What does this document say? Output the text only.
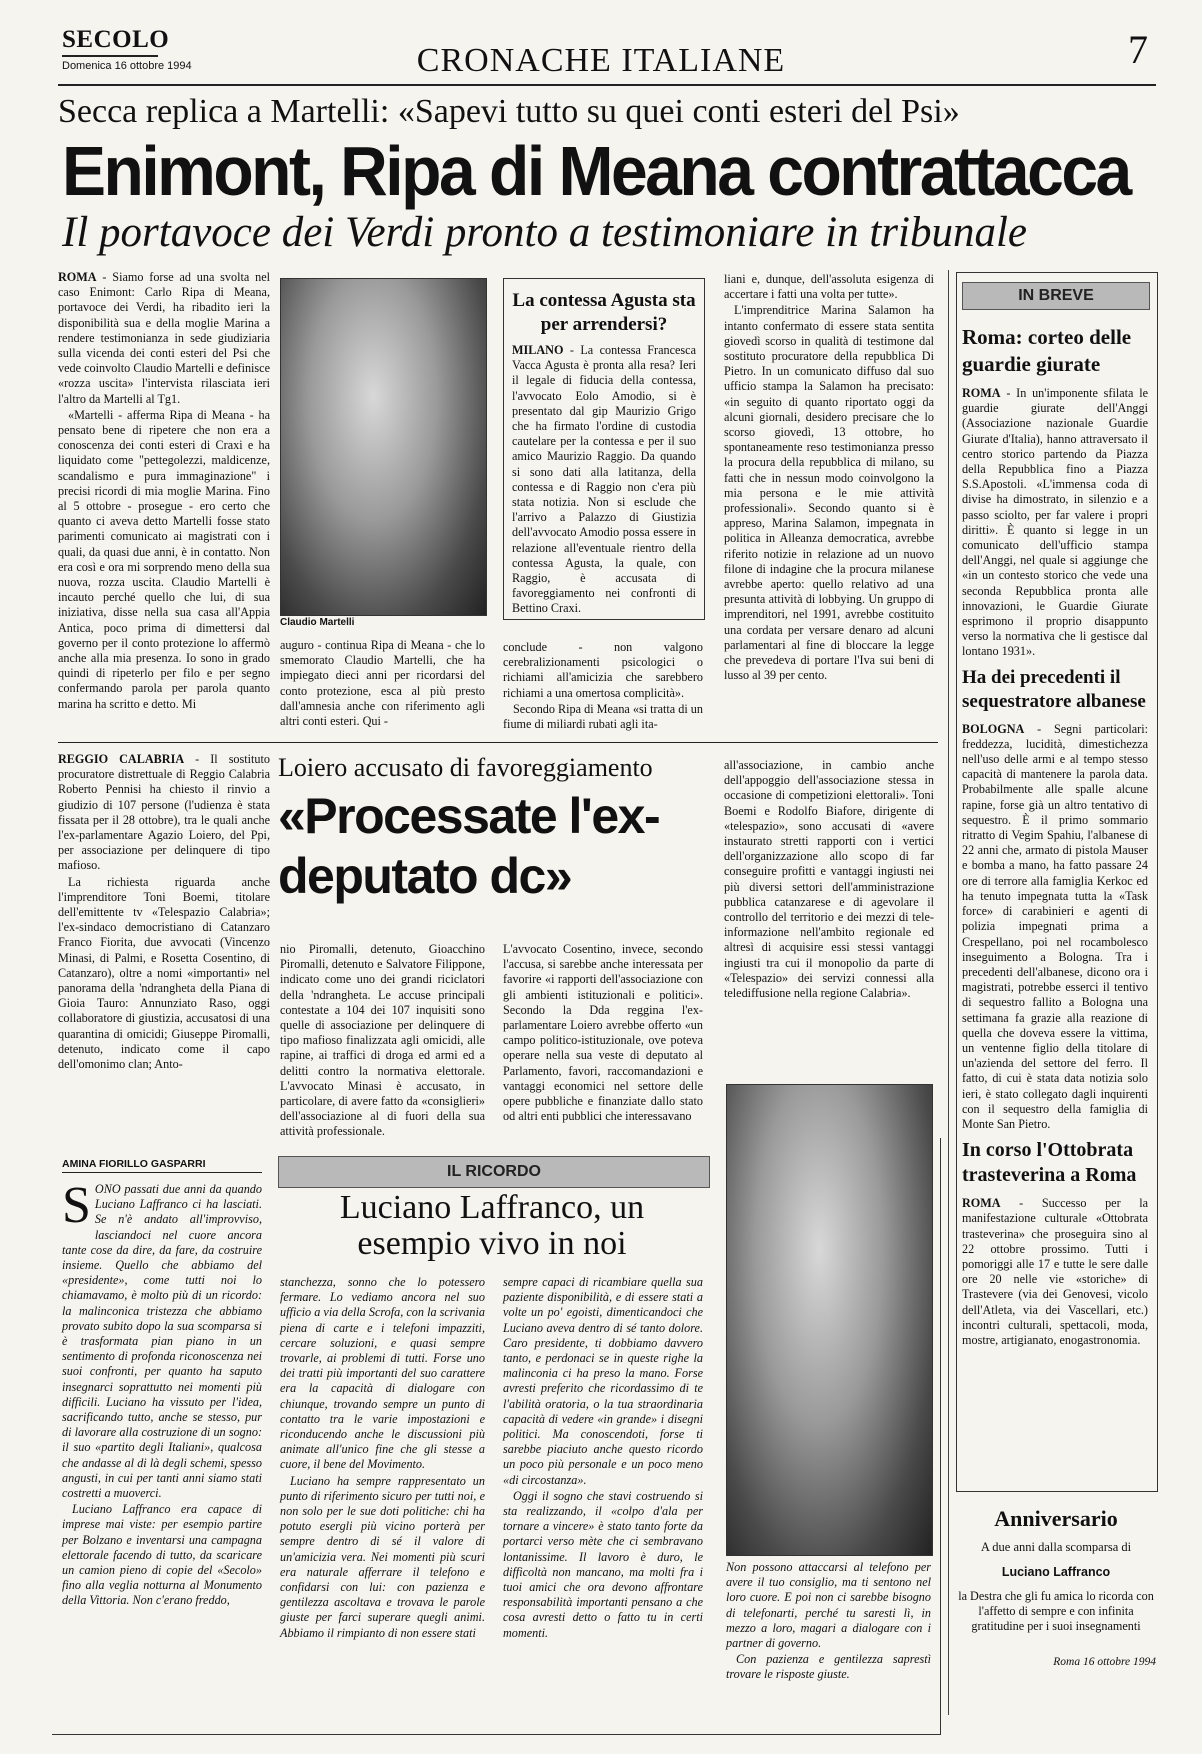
SECOLO
Domenica 16 ottobre 1994	CRONACHE ITALIANE	7
Secca replica a Martelli: «Sapevi tutto su quei conti esteri del Psi»
Enimont, Ripa di Meana contrattacca
Il portavoce dei Verdi pronto a testimoniare in tribunale

ROMA - Siamo forse ad una svolta nel caso Enimont: Carlo Ripa di Meana, portavoce dei Verdi, ha ribadito ieri la disponibilità sua e della moglie Marina a rendere testimonianza in sede giudiziaria sulla vicenda dei conti esteri del Psi che vede coinvolto Claudio Martelli e definisce «rozza uscita» l'intervista rilasciata ieri l'altro da Martelli al Tg1.

«Martelli - afferma Ripa di Meana - ha pensato bene di ripetere che non era a conoscenza dei conti esteri di Craxi e ha liquidato come "pettegolezzi, maldicenze, scandalismo e pura immaginazione" i precisi ricordi di mia moglie Marina. Fino al 5 ottobre - prosegue - ero certo che quanto ci aveva detto Martelli fosse stato parimenti comunicato ai magistrati con i quali, da quasi due anni, è in contatto. Non era così e ora mi sorprendo meno della sua nuova, rozza uscita. Claudio Martelli è incauto perché quello che lui, di sua iniziativa, disse nella sua casa all'Appia Antica, poco prima di dimettersi dal governo per il conto protezione lo affermò anche alla mia presenza. Io sono in grado quindi di ripeterlo per filo e per segno confermando parola per parola quanto marina ha scritto e detto. Mi

Claudio Martelli

auguro - continua Ripa di Meana - che lo smemorato Claudio Martelli, che ha impiegato dieci anni per ricordarsi del conto protezione, esca al più presto dall'amnesia anche con riferimento agli altri conti esteri. Qui -

La contessa Agusta sta per arrendersi?

MILANO - La contessa Francesca Vacca Agusta è pronta alla resa? Ieri il legale di fiducia della contessa, l'avvocato Eolo Amodio, si è presentato dal gip Maurizio Grigo che ha firmato l'ordine di custodia cautelare per la contessa e per il suo amico Maurizio Raggio. Da quando si sono dati alla latitanza, della contessa e di Raggio non c'era più stata notizia. Non si esclude che l'arrivo a Palazzo di Giustizia dell'avvocato Amodio possa essere in relazione all'eventuale rientro della contessa Agusta, la quale, con Raggio, è accusata di favoreggiamento nei confronti di Bettino Craxi.

conclude - non valgono cerebralizionamenti psicologici o richiami all'amicizia che sarebbero richiami a una omertosa complicità».

Secondo Ripa di Meana «si tratta di un fiume di miliardi rubati agli ita-

liani e, dunque, dell'assoluta esigenza di accertare i fatti una volta per tutte».

L'imprenditrice Marina Salamon ha intanto confermato di essere stata sentita giovedì scorso in qualità di testimone dal sostituto procuratore della repubblica Di Pietro. In un comunicato diffuso dal suo ufficio stampa la Salamon ha precisato: «in seguito di quanto riportato oggi da alcuni giornali, desidero precisare che lo scorso giovedì, 13 ottobre, ho spontaneamente reso testimonianza presso la procura della repubblica di milano, su fatti che in nessun modo coinvolgono la mia persona e le mie attività professionali». Secondo quanto si è appreso, Marina Salamon, impegnata in politica in Alleanza democratica, avrebbe riferito notizie in relazione ad un nuovo filone di indagine che la procura milanese avrebbe aperto: quello relativo ad una presunta attività di lobbying. Un gruppo di imprenditori, nel 1991, avrebbe costituito una cordata per versare denaro ad alcuni parlamentari al fine di bloccare la legge che prevedeva di portare l'Iva sui beni di lusso al 39 per cento.

REGGIO CALABRIA - Il sostituto procuratore distrettuale di Reggio Calabria Roberto Pennisi ha chiesto il rinvio a giudizio di 107 persone (l'udienza è stata fissata per il 28 ottobre), tra le quali anche l'ex-parlamentare Agazio Loiero, del Ppi, per associazione per delinquere di tipo mafioso.

La richiesta riguarda anche l'imprenditore Toni Boemi, titolare dell'emittente tv «Telespazio Calabria»; l'ex-sindaco democristiano di Catanzaro Franco Fiorita, due avvocati (Vincenzo Minasi, di Palmi, e Rosetta Cosentino, di Catanzaro), oltre a nomi «importanti» nel panorama della 'ndrangheta della Piana di Gioia Tauro: Annunziato Raso, oggi collaboratore di giustizia, accusatosi di una quarantina di omicidi; Giuseppe Piromalli, detenuto, indicato come il capo dell'omonimo clan; Anto-

Loiero accusato di favoreggiamento
«Processate l'ex-deputato dc»

nio Piromalli, detenuto, Gioacchino Piromalli, detenuto e Salvatore Filippone, indicato come uno dei grandi riciclatori della 'ndrangheta. Le accuse principali contestate a 104 dei 107 inquisiti sono quelle di associazione per delinquere di tipo mafioso finalizzata agli omicidi, alle rapine, ai traffici di droga ed armi ed a delitti contro la normativa elettorale. L'avvocato Minasi è accusato, in particolare, di avere fatto da «consiglieri» dell'associazione al di fuori della sua attività professionale.

L'avvocato Cosentino, invece, secondo l'accusa, si sarebbe anche interessata per favorire «i rapporti dell'associazione con gli ambienti istituzionali e politici». Secondo la Dda reggina l'ex-parlamentare Loiero avrebbe offerto «un campo politico-istituzionale, ove poteva operare nella sua veste di deputato al Parlamento, favori, raccomandazioni e vantaggi economici nel settore delle opere pubbliche e finanziate dallo stato od altri enti pubblici che interessavano

all'associazione, in cambio anche dell'appoggio dell'associazione stessa in occasione di competizioni elettorali». Toni Boemi e Rodolfo Biafore, dirigente di «telespazio», sono accusati di «avere instaurato stretti rapporti con i vertici dell'organizzazione allo scopo di far conseguire profitti e vantaggi ingiusti nei più diversi settori dell'amministrazione pubblica catanzarese e di agevolare il controllo del territorio e dei mezzi di tele-informazione nell'ambito regionale ed altresì di acquisire essi stessi vantaggi ingiusti tra cui il monopolio da parte di «Telespazio» dei servizi connessi alla telediffusione nella regione Calabria».

AMINA FIORILLO GASPARRI	IL RICORDO
Luciano Laffranco, un esempio vivo in noi

SONO passati due anni da quando Luciano Laffranco ci ha lasciati. Se n'è andato all'improvviso, lasciandoci nel cuore ancora tante cose da dire, da fare, da costruire insieme. Quello che abbiamo del «presidente», come tutti noi lo chiamavamo, è molto più di un ricordo: la malinconica tristezza che abbiamo provato subito dopo la sua scomparsa si è trasformata pian piano in un sentimento di profonda riconoscenza nei suoi confronti, per quanto ha saputo insegnarci soprattutto nei momenti più difficili. Luciano ha vissuto per l'idea, sacrificando tutto, anche se stesso, pur di lavorare alla costruzione di un sogno: il suo «partito degli Italiani», qualcosa che andasse al di là degli schemi, spesso angusti, in cui per tanti anni siamo stati costretti a muoverci.

Luciano Laffranco era capace di imprese mai viste: per esempio partire per Bolzano e inventarsi una campagna elettorale facendo di tutto, da scaricare un camion pieno di copie del «Secolo» fino alla veglia notturna al Monumento della Vittoria. Non c'erano freddo,

stanchezza, sonno che lo potessero fermare. Lo vediamo ancora nel suo ufficio a via della Scrofa, con la scrivania piena di carte e i telefoni impazziti, cercare soluzioni, e quasi sempre trovarle, ai problemi di tutti. Forse uno dei tratti più importanti del suo carattere era la capacità di dialogare con chiunque, trovando sempre un punto di contatto tra le varie impostazioni e riconducendo anche le discussioni più animate all'unico fine che gli stesse a cuore, il bene del Movimento.

Luciano ha sempre rappresentato un punto di riferimento sicuro per tutti noi, e non solo per le sue doti politiche: chi ha potuto esergli più vicino porterà per sempre dentro di sé il valore di un'amicizia vera. Nei momenti più scuri era naturale afferrare il telefono e confidarsi con lui: con pazienza e gentilezza ascoltava e trovava le parole giuste per farci superare quegli animi. Abbiamo il rimpianto di non essere stati

sempre capaci di ricambiare quella sua paziente disponibilità, e di essere stati a volte un po' egoisti, dimenticandoci che Luciano aveva dentro di sé tanto dolore. Caro presidente, ti dobbiamo davvero tanto, e perdonaci se in queste righe la malinconia ci ha preso la mano. Forse avresti preferito che ricordassimo di te l'abilità oratoria, o la tua straordinaria capacità di vedere «in grande» i disegni politici. Ma conoscendoti, forse ti sarebbe piaciuto anche questo ricordo un poco più personale e un poco meno «di circostanza».

Oggi il sogno che stavi costruendo si sta realizzando, il «colpo d'ala per tornare a vincere» è stato tanto forte da portarci verso mète che ci sembravano lontanissime. Il lavoro è duro, le difficoltà non mancano, ma molti fra i tuoi amici che ora devono affrontare responsabilità importanti pensano a che cosa avresti detto o fatto tu in certi momenti.

Non possono attaccarsi al telefono per avere il tuo consiglio, ma ti sentono nel loro cuore. E poi non ci sarebbe bisogno di telefonarti, perché tu saresti lì, in mezzo a loro, magari a dialogare con i partner di governo.

Con pazienza e gentilezza saprestì trovare le risposte giuste.

IN BREVE
Roma: corteo delle guardie giurate

ROMA - In un'imponente sfilata le guardie giurate dell'Anggi (Associazione nazionale Guardie Giurate d'Italia), hanno attraversato il centro storico partendo da Piazza della Repubblica fino a Piazza S.S.Apostoli. «L'immensa coda di divise ha dimostrato, in silenzio e a passo sciolto, per far valere i propri diritti». È quanto si legge in un comunicato dell'ufficio stampa dell'Anggi, nel quale si aggiunge che «in un contesto storico che vede una seconda Repubblica pronta alle innovazioni, le Guardie Giurate esprimono il proprio disappunto verso la normativa che li gestisce dal lontano 1931».

Ha dei precedenti il sequestratore albanese

BOLOGNA - Segni particolari: freddezza, lucidità, dimestichezza nell'uso delle armi e al tempo stesso capacità di mantenere la parola data. Probabilmente alle spalle alcune rapine, forse già un altro tentativo di sequestro. È il primo sommario ritratto di Vegim Spahiu, l'albanese di 22 anni che, armato di pistola Mauser e bomba a mano, ha fatto passare 24 ore di terrore alla famiglia Kerkoc ed ha tenuto impegnata tutta la «Task force» di carabinieri e agenti di polizia impegnati prima a Crespellano, poi nel rocambolesco inseguimento a Bologna. Tra i precedenti dell'albanese, dicono ora i magistrati, potrebbe esserci il tentivo di sequestro fallito a Bologna una settimana fa grazie alla reazione di quella che doveva essere la vittima, un ventenne figlio della titolare di un'azienda del settore del ferro. Il fatto, di cui è stata data notizia solo ieri, è stato collegato dagli inquirenti con il sequestro della famiglia di Monte San Pietro.

In corso l'Ottobrata trasteverina a Roma

ROMA - Successo per la manifestazione culturale «Ottobrata trasteverina» che proseguira sino al 22 ottobre prossimo. Tutti i pomoriggi alle 17 e tutte le sere dalle ore 20 nelle vie «storiche» di Trastevere (via dei Genovesi, vicolo dell'Atleta, via dei Vascellari, etc.) incontri culturali, spettacoli, moda, mostre, artigianato, enogastronomia.

Anniversario
A due anni dalla scomparsa di
Luciano Laffranco
la Destra che gli fu amica lo ricorda con l'affetto di sempre e con infinita gratitudine per i suoi insegnamenti
Roma 16 ottobre 1994
